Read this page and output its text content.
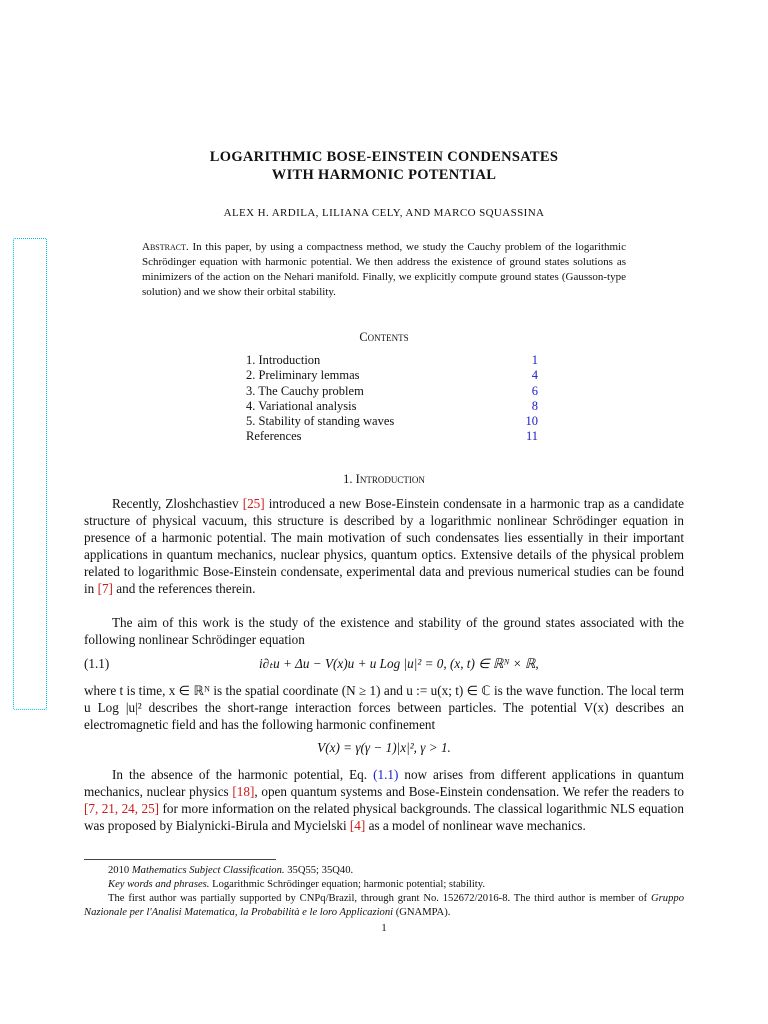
LOGARITHMIC BOSE-EINSTEIN CONDENSATES
WITH HARMONIC POTENTIAL
ALEX H. ARDILA, LILIANA CELY, AND MARCO SQUASSINA
Abstract. In this paper, by using a compactness method, we study the Cauchy problem of the logarithmic Schrödinger equation with harmonic potential. We then address the existence of ground states solutions as minimizers of the action on the Nehari manifold. Finally, we explicitly compute ground states (Gausson-type solution) and we show their orbital stability.
Contents
1. Introduction	1
2. Preliminary lemmas	4
3. The Cauchy problem	6
4. Variational analysis	8
5. Stability of standing waves	10
References	11
1. Introduction
Recently, Zloshchastiev [25] introduced a new Bose-Einstein condensate in a harmonic trap as a candidate structure of physical vacuum, this structure is described by a logarithmic nonlinear Schrödinger equation in presence of a harmonic potential. The main motivation of such condensates lies essentially in their important applications in quantum mechanics, nuclear physics, quantum optics. Extensive details of the physical problem related to logarithmic Bose-Einstein condensate, experimental data and previous numerical studies can be found in [7] and the references therein.
The aim of this work is the study of the existence and stability of the ground states associated with the following nonlinear Schrödinger equation
(1.1)	i∂ₜu + Δu − V(x)u + u Log |u|² = 0, (x, t) ∈ ℝᴺ × ℝ,
where t is time, x ∈ ℝᴺ is the spatial coordinate (N ≥ 1) and u := u(x; t) ∈ ℂ is the wave function. The local term u Log |u|² describes the short-range interaction forces between particles. The potential V(x) describes an electromagnetic field and has the following harmonic confinement
V(x) = γ(γ − 1)|x|², γ > 1.
In the absence of the harmonic potential, Eq. (1.1) now arises from different applications in quantum mechanics, nuclear physics [18], open quantum systems and Bose-Einstein condensation. We refer the readers to [7, 21, 24, 25] for more information on the related physical backgrounds. The classical logarithmic NLS equation was proposed by Bialynicki-Birula and Mycielski [4] as a model of nonlinear wave mechanics.
2010 Mathematics Subject Classification. 35Q55; 35Q40.
Key words and phrases. Logarithmic Schrödinger equation; harmonic potential; stability.
The first author was partially supported by CNPq/Brazil, through grant No. 152672/2016-8. The third author is member of Gruppo Nazionale per l'Analisi Matematica, la Probabilità e le loro Applicazioni (GNAMPA).
1
